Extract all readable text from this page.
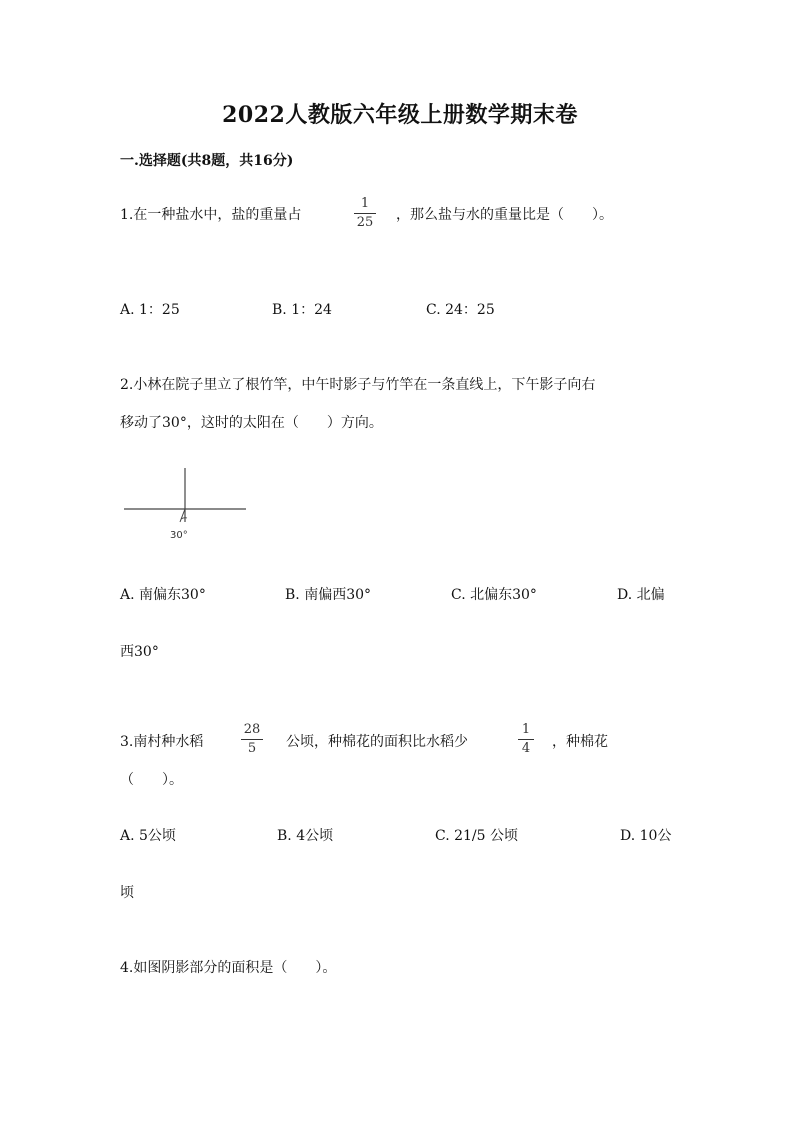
2022人教版六年级上册数学期末卷
一.选择题(共8题，共16分)
1.在一种盐水中，盐的重量占
1
25 ，那么盐与水的重量比是（　　）。
A. 1：25	B. 1：24	C. 24：25
2.小林在院子里立了根竹竿，中午时影子与竹竿在一条直线上，下午影子向右
移动了30°，这时的太阳在（　　）方向。
30°
A. 南偏东30°	B. 南偏西30°	C. 北偏东30°	D. 北偏
西30°
3.南村种水稻
28
5 公顷，种棉花的面积比水稻少
1
4 ，种棉花
（　　）。
A. 5公顷	B. 4公顷	C. 21/5 公顷	D. 10公
顷
4.如图阴影部分的面积是（　　）。
